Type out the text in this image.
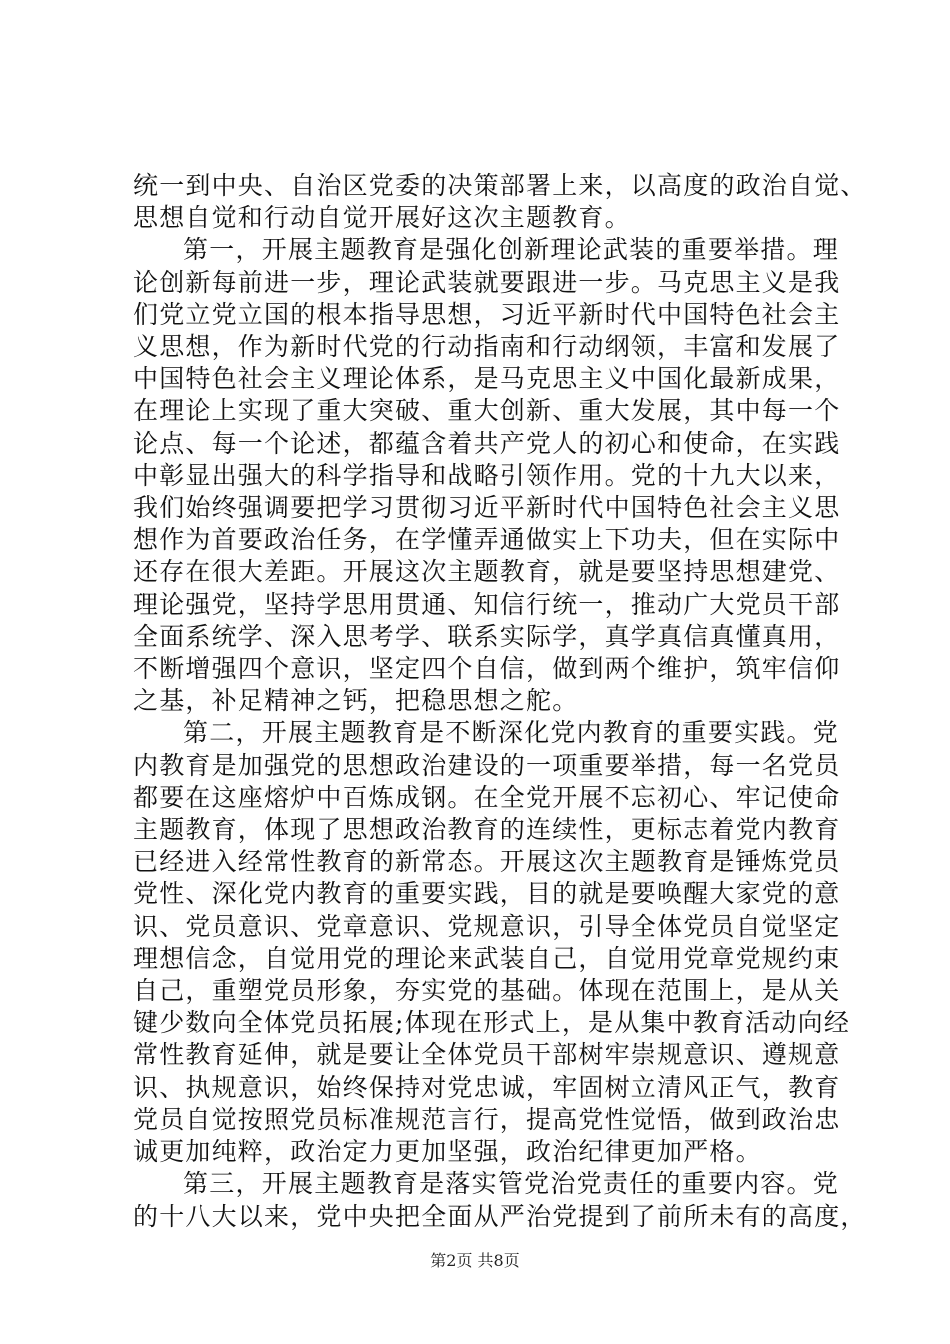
统一到中央、自治区党委的决策部署上来，以高度的政治自觉、
思想自觉和行动自觉开展好这次主题教育。
第一，开展主题教育是强化创新理论武装的重要举措。理
论创新每前进一步，理论武装就要跟进一步。马克思主义是我
们党立党立国的根本指导思想，习近平新时代中国特色社会主
义思想，作为新时代党的行动指南和行动纲领，丰富和发展了
中国特色社会主义理论体系，是马克思主义中国化最新成果，
在理论上实现了重大突破、重大创新、重大发展，其中每一个
论点、每一个论述，都蕴含着共产党人的初心和使命，在实践
中彰显出强大的科学指导和战略引领作用。党的十九大以来，
我们始终强调要把学习贯彻习近平新时代中国特色社会主义思
想作为首要政治任务，在学懂弄通做实上下功夫，但在实际中
还存在很大差距。开展这次主题教育，就是要坚持思想建党、
理论强党，坚持学思用贯通、知信行统一，推动广大党员干部
全面系统学、深入思考学、联系实际学，真学真信真懂真用，
不断增强四个意识，坚定四个自信，做到两个维护，筑牢信仰
之基，补足精神之钙，把稳思想之舵。
第二，开展主题教育是不断深化党内教育的重要实践。党
内教育是加强党的思想政治建设的一项重要举措，每一名党员
都要在这座熔炉中百炼成钢。在全党开展不忘初心、牢记使命
主题教育，体现了思想政治教育的连续性，更标志着党内教育
已经进入经常性教育的新常态。开展这次主题教育是锤炼党员
党性、深化党内教育的重要实践，目的就是要唤醒大家党的意
识、党员意识、党章意识、党规意识，引导全体党员自觉坚定
理想信念，自觉用党的理论来武装自己，自觉用党章党规约束
自己，重塑党员形象，夯实党的基础。体现在范围上，是从关
键少数向全体党员拓展;体现在形式上，是从集中教育活动向经
常性教育延伸，就是要让全体党员干部树牢崇规意识、遵规意
识、执规意识，始终保持对党忠诚，牢固树立清风正气，教育
党员自觉按照党员标准规范言行，提高党性觉悟，做到政治忠
诚更加纯粹，政治定力更加坚强，政治纪律更加严格。
第三，开展主题教育是落实管党治党责任的重要内容。党
的十八大以来，党中央把全面从严治党提到了前所未有的高度，
第2页 共8页
